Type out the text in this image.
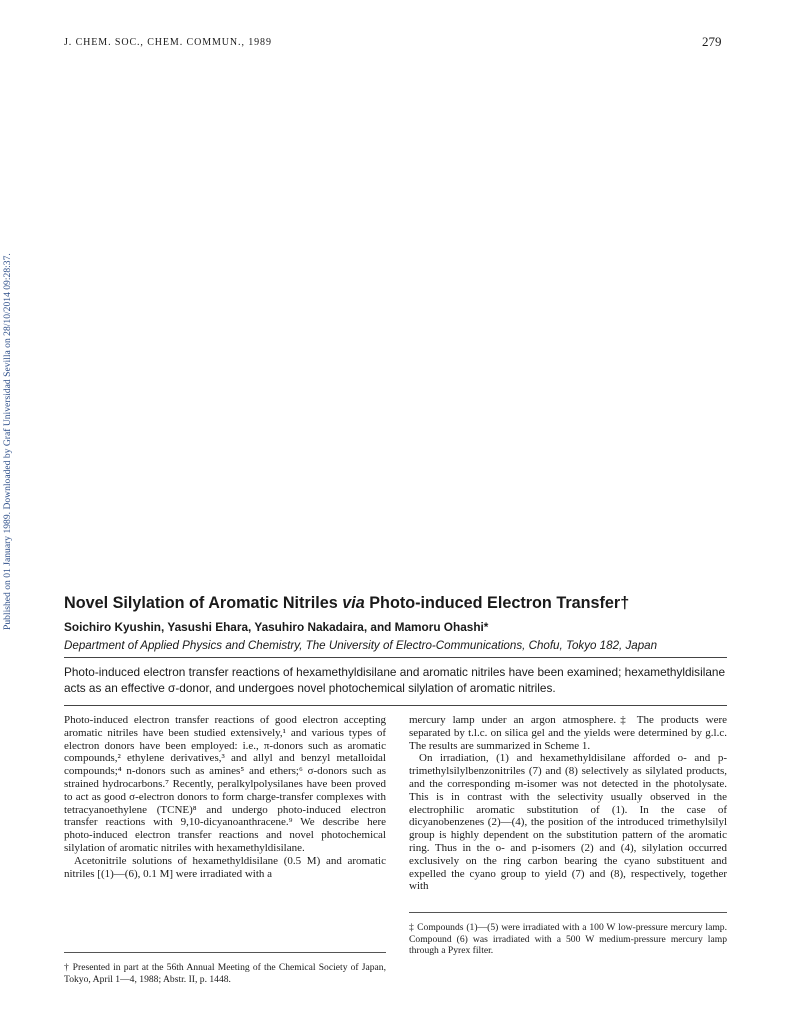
J. CHEM. SOC., CHEM. COMMUN., 1989	279
Published on 01 January 1989. Downloaded by Graf Universidad Sevilla on 28/10/2014 09:28:37.	Novel Silylation of Aromatic Nitriles via Photo-induced Electron Transfer†
Soichiro Kyushin, Yasushi Ehara, Yasuhiro Nakadaira, and Mamoru Ohashi*
Department of Applied Physics and Chemistry, The University of Electro-Communications, Chofu, Tokyo 182, Japan
Photo-induced electron transfer reactions of hexamethyldisilane and aromatic nitriles have been examined; hexamethyldisilane acts as an effective σ-donor, and undergoes novel photochemical silylation of aromatic nitriles.

Photo-induced electron transfer reactions of good electron accepting aromatic nitriles have been studied extensively,¹ and various types of electron donors have been employed: i.e., π-donors such as aromatic compounds,² ethylene derivatives,³ and allyl and benzyl metalloidal compounds;⁴ n-donors such as amines⁵ and ethers;⁶ σ-donors such as strained hydrocarbons.⁷ Recently, peralkylpolysilanes have been proved to act as good σ-electron donors to form charge-transfer complexes with tetracyanoethylene (TCNE)⁸ and undergo photo-induced electron transfer reactions with 9,10-dicyanoanthracene.⁹ We describe here photo-induced electron transfer reactions and novel photochemical silylation of aromatic nitriles with hexamethyldisilane.

Acetonitrile solutions of hexamethyldisilane (0.5 M) and aromatic nitriles [(1)—(6), 0.1 M] were irradiated with a

mercury lamp under an argon atmosphere.‡ The products were separated by t.l.c. on silica gel and the yields were determined by g.l.c. The results are summarized in Scheme 1.

On irradiation, (1) and hexamethyldisilane afforded o- and p-trimethylsilylbenzonitriles (7) and (8) selectively as silylated products, and the corresponding m-isomer was not detected in the photolysate. This is in contrast with the selectivity usually observed in the electrophilic aromatic substitution of (1). In the case of dicyanobenzenes (2)—(4), the position of the introduced trimethylsilyl group is highly dependent on the substitution pattern of the aromatic ring. Thus in the o- and p-isomers (2) and (4), silylation occurred exclusively on the ring carbon bearing the cyano substituent and expelled the cyano group to yield (7) and (8), respectively, together with

† Presented in part at the 56th Annual Meeting of the Chemical Society of Japan, Tokyo, April 1—4, 1988; Abstr. II, p. 1448.
‡ Compounds (1)—(5) were irradiated with a 100 W low-pressure mercury lamp. Compound (6) was irradiated with a 500 W medium-pressure mercury lamp through a Pyrex filter.
